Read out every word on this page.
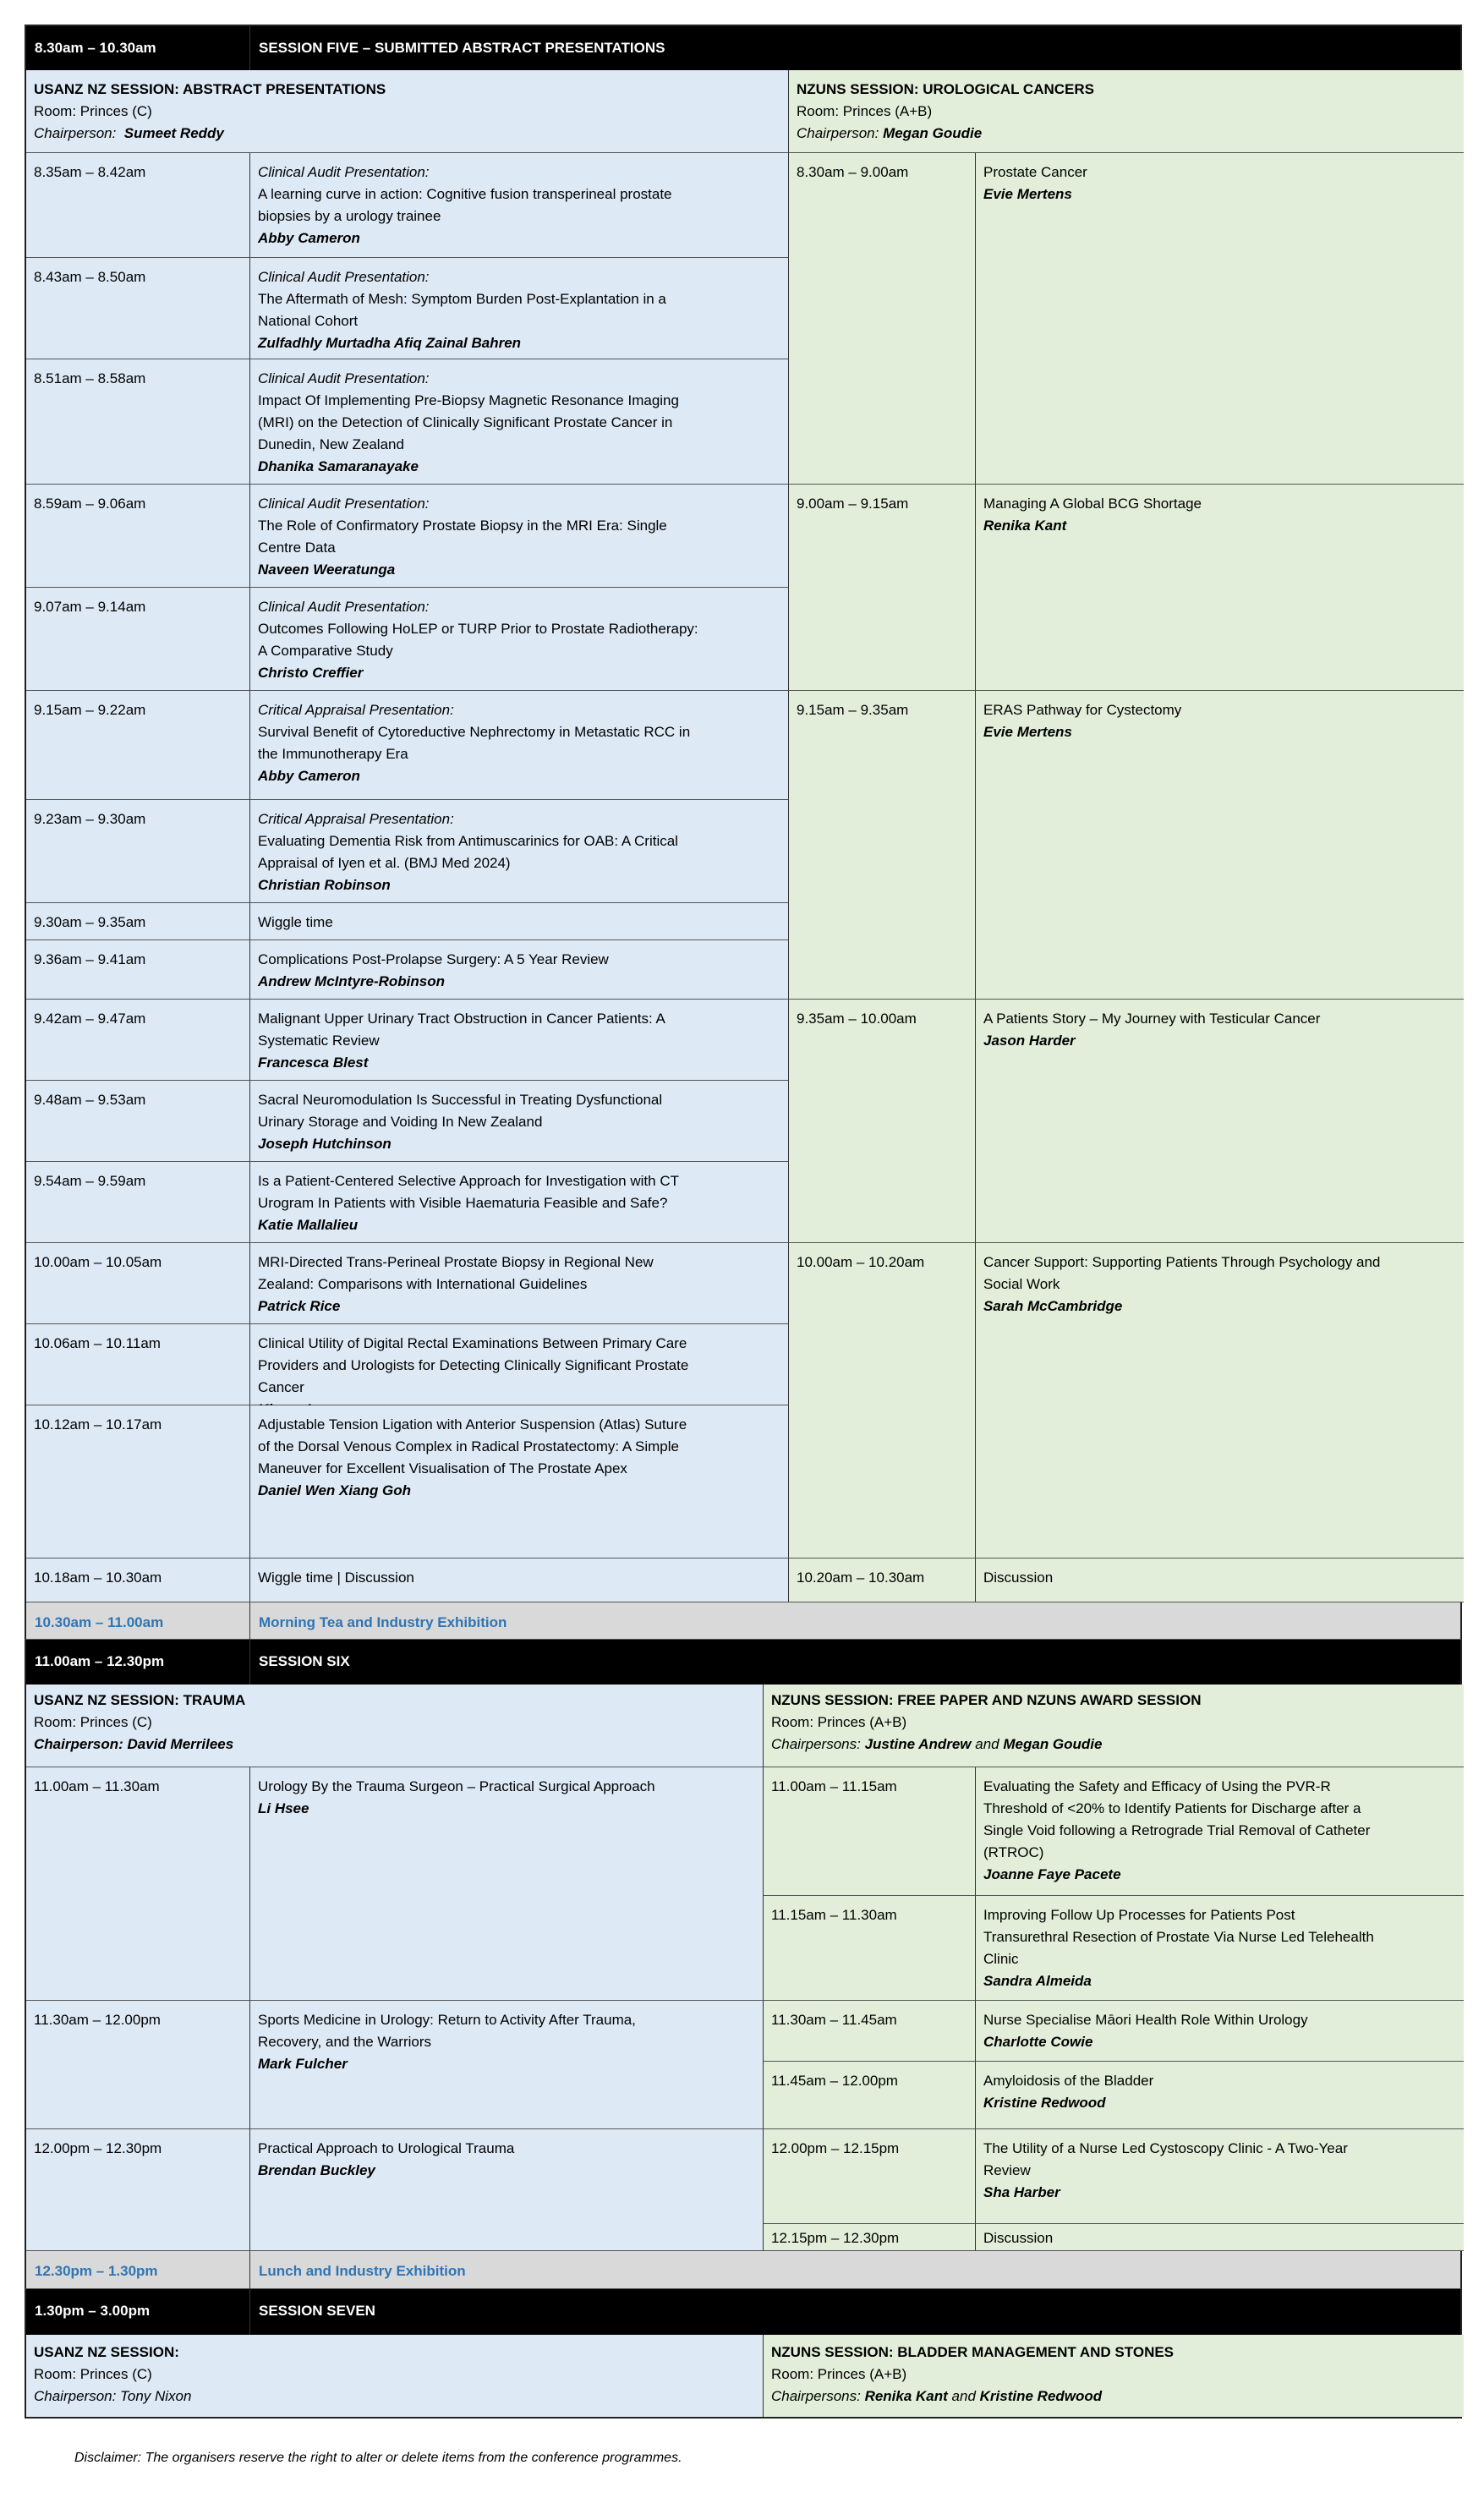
8.30am – 10.30am	SESSION FIVE – SUBMITTED ABSTRACT PRESENTATIONS
USANZ NZ SESSION: ABSTRACT PRESENTATIONS
Room: Princes (C)
Chairperson: Sumeet Reddy
NZUNS SESSION: UROLOGICAL CANCERS
Room: Princes (A+B)
Chairperson: Megan Goudie
8.35am – 8.42am	Clinical Audit Presentation:
A learning curve in action: Cognitive fusion transperineal prostate
biopsies by a urology trainee
Abby Cameron
8.43am – 8.50am	Clinical Audit Presentation:
The Aftermath of Mesh: Symptom Burden Post-Explantation in a
National Cohort
Zulfadhly Murtadha Afiq Zainal Bahren
8.51am – 8.58am	Clinical Audit Presentation:
Impact Of Implementing Pre-Biopsy Magnetic Resonance Imaging
(MRI) on the Detection of Clinically Significant Prostate Cancer in
Dunedin, New Zealand
Dhanika Samaranayake
8.59am – 9.06am	Clinical Audit Presentation:
The Role of Confirmatory Prostate Biopsy in the MRI Era: Single
Centre Data
Naveen Weeratunga
9.07am – 9.14am	Clinical Audit Presentation:
Outcomes Following HoLEP or TURP Prior to Prostate Radiotherapy:
A Comparative Study
Christo Creffier
9.15am – 9.22am	Critical Appraisal Presentation:
Survival Benefit of Cytoreductive Nephrectomy in Metastatic RCC in
the Immunotherapy Era
Abby Cameron
9.23am – 9.30am	Critical Appraisal Presentation:
Evaluating Dementia Risk from Antimuscarinics for OAB: A Critical
Appraisal of Iyen et al. (BMJ Med 2024)
Christian Robinson
9.30am – 9.35am	Wiggle time
9.36am – 9.41am	Complications Post-Prolapse Surgery: A 5 Year Review
Andrew McIntyre-Robinson
9.42am – 9.47am	Malignant Upper Urinary Tract Obstruction in Cancer Patients: A
Systematic Review
Francesca Blest
9.48am – 9.53am	Sacral Neuromodulation Is Successful in Treating Dysfunctional
Urinary Storage and Voiding In New Zealand
Joseph Hutchinson
9.54am – 9.59am	Is a Patient-Centered Selective Approach for Investigation with CT
Urogram In Patients with Visible Haematuria Feasible and Safe?
Katie Mallalieu
10.00am – 10.05am	MRI-Directed Trans-Perineal Prostate Biopsy in Regional New
Zealand: Comparisons with International Guidelines
Patrick Rice
10.06am – 10.11am	Clinical Utility of Digital Rectal Examinations Between Primary Care
Providers and Urologists for Detecting Clinically Significant Prostate
Cancer

10.12am – 10.17am	Adjustable Tension Ligation with Anterior Suspension (Atlas) Suture
of the Dorsal Venous Complex in Radical Prostatectomy: A Simple
Maneuver for Excellent Visualisation of The Prostate Apex
Daniel Wen Xiang Goh
10.18am – 10.30am	Wiggle time | Discussion
8.30am – 9.00am	Prostate Cancer
Evie Mertens
9.00am – 9.15am	Managing A Global BCG Shortage
Renika Kant
9.15am – 9.35am	ERAS Pathway for Cystectomy
Evie Mertens
9.35am – 10.00am	A Patients Story – My Journey with Testicular Cancer
Jason Harder
10.00am – 10.20am	Cancer Support: Supporting Patients Through Psychology and
Social Work
Sarah McCambridge
10.20am – 10.30am	Discussion
10.30am – 11.00am	Morning Tea and Industry Exhibition
11.00am – 12.30pm	SESSION SIX
USANZ NZ SESSION: TRAUMA
Room: Princes (C)
Chairperson: David Merrilees
NZUNS SESSION: FREE PAPER AND NZUNS AWARD SESSION
Room: Princes (A+B)
Chairpersons: Justine Andrew and Megan Goudie
11.00am – 11.30am	Urology By the Trauma Surgeon – Practical Surgical Approach
Li Hsee
11.30am – 12.00pm	Sports Medicine in Urology: Return to Activity After Trauma,
Recovery, and the Warriors
Mark Fulcher
12.00pm – 12.30pm	Practical Approach to Urological Trauma
Brendan Buckley
11.00am – 11.15am	Evaluating the Safety and Efficacy of Using the PVR-R
Threshold of <20% to Identify Patients for Discharge after a
Single Void following a Retrograde Trial Removal of Catheter
(RTROC)
Joanne Faye Pacete
11.15am – 11.30am	Improving Follow Up Processes for Patients Post
Transurethral Resection of Prostate Via Nurse Led Telehealth
Clinic
Sandra Almeida
11.30am – 11.45am	Nurse Specialise Māori Health Role Within Urology
Charlotte Cowie
11.45am – 12.00pm	Amyloidosis of the Bladder
Kristine Redwood
12.00pm – 12.15pm	The Utility of a Nurse Led Cystoscopy Clinic - A Two-Year
Review
Sha Harber
12.15pm – 12.30pm	Discussion
12.30pm – 1.30pm	Lunch and Industry Exhibition
1.30pm – 3.00pm	SESSION SEVEN
USANZ NZ SESSION:
Room: Princes (C)
Chairperson: Tony Nixon
NZUNS SESSION: BLADDER MANAGEMENT AND STONES
Room: Princes (A+B)
Chairpersons: Renika Kant and Kristine Redwood
Disclaimer: The organisers reserve the right to alter or delete items from the conference programmes.
